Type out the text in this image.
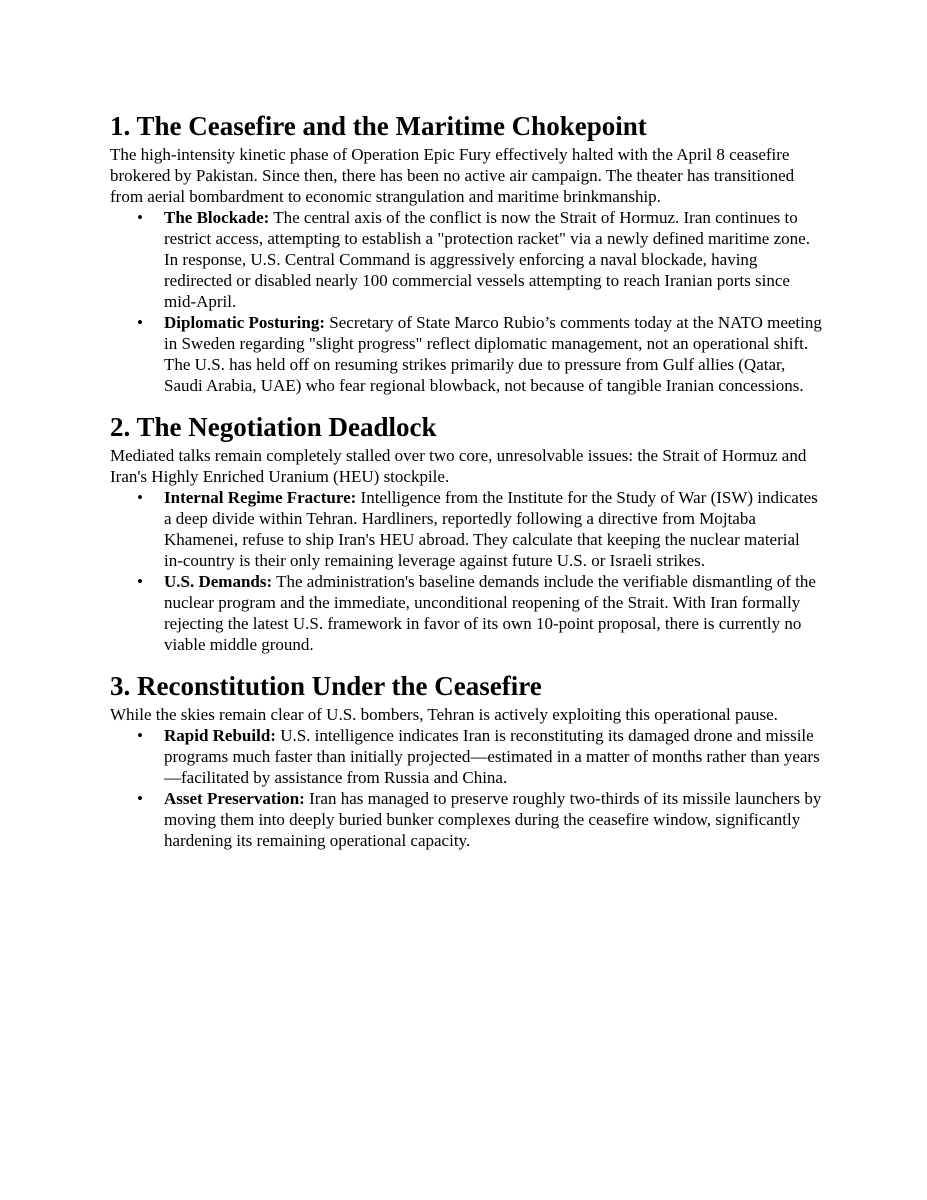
1. The Ceasefire and the Maritime Chokepoint

The high-intensity kinetic phase of Operation Epic Fury effectively halted with the April 8 ceasefire brokered by Pakistan. Since then, there has been no active air campaign. The theater has transitioned from aerial bombardment to economic strangulation and maritime brinkmanship.

• The Blockade: The central axis of the conflict is now the Strait of Hormuz. Iran continues to restrict access, attempting to establish a "protection racket" via a newly defined maritime zone. In response, U.S. Central Command is aggressively enforcing a naval blockade, having redirected or disabled nearly 100 commercial vessels attempting to reach Iranian ports since mid-April.
• Diplomatic Posturing: Secretary of State Marco Rubio’s comments today at the NATO meeting in Sweden regarding "slight progress" reflect diplomatic management, not an operational shift. The U.S. has held off on resuming strikes primarily due to pressure from Gulf allies (Qatar, Saudi Arabia, UAE) who fear regional blowback, not because of tangible Iranian concessions.
2. The Negotiation Deadlock

Mediated talks remain completely stalled over two core, unresolvable issues: the Strait of Hormuz and Iran's Highly Enriched Uranium (HEU) stockpile.

• Internal Regime Fracture: Intelligence from the Institute for the Study of War (ISW) indicates a deep divide within Tehran. Hardliners, reportedly following a directive from Mojtaba Khamenei, refuse to ship Iran's HEU abroad. They calculate that keeping the nuclear material in-country is their only remaining leverage against future U.S. or Israeli strikes.
• U.S. Demands: The administration's baseline demands include the verifiable dismantling of the nuclear program and the immediate, unconditional reopening of the Strait. With Iran formally rejecting the latest U.S. framework in favor of its own 10-point proposal, there is currently no viable middle ground.
3. Reconstitution Under the Ceasefire

While the skies remain clear of U.S. bombers, Tehran is actively exploiting this operational pause.

• Rapid Rebuild: U.S. intelligence indicates Iran is reconstituting its damaged drone and missile programs much faster than initially projected—estimated in a matter of months rather than years—facilitated by assistance from Russia and China.
• Asset Preservation: Iran has managed to preserve roughly two-thirds of its missile launchers by moving them into deeply buried bunker complexes during the ceasefire window, significantly hardening its remaining operational capacity.
